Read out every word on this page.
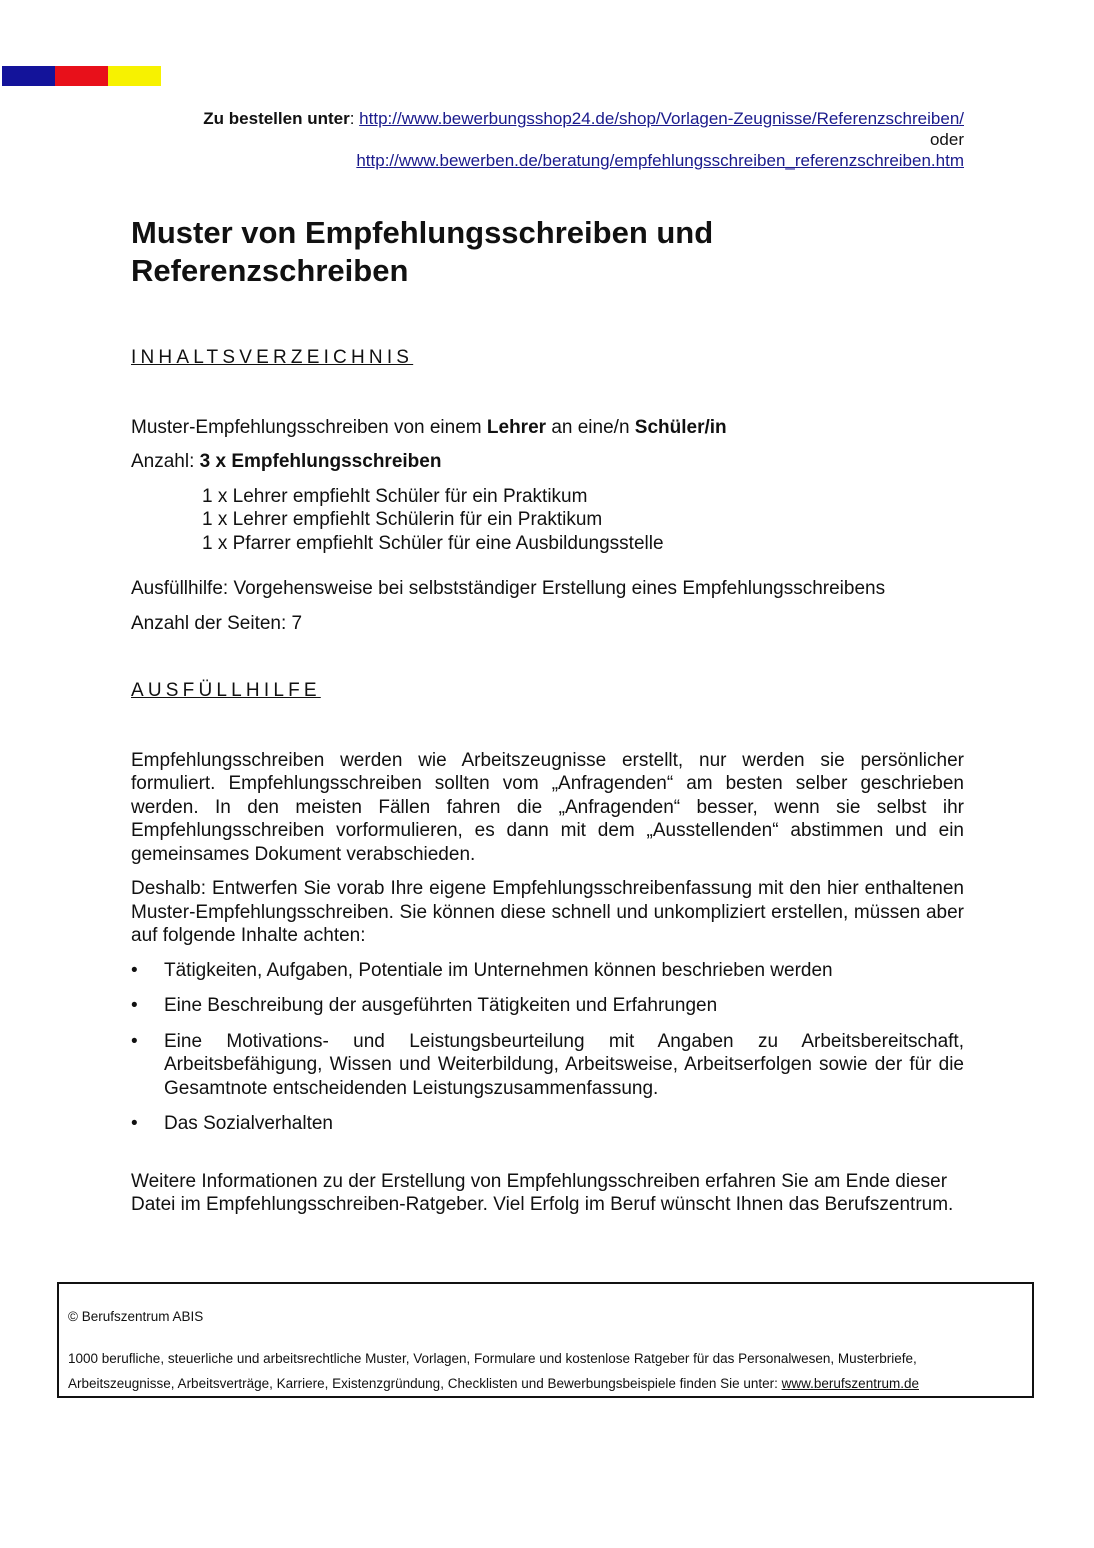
Zu bestellen unter: http://www.bewerbungsshop24.de/shop/Vorlagen-Zeugnisse/Referenzschreiben/
oder
http://www.bewerben.de/beratung/empfehlungsschreiben_referenzschreiben.htm
Muster von Empfehlungsschreiben und
Referenzschreiben

INHALTSVERZEICHNIS

Muster-Empfehlungsschreiben von einem Lehrer an eine/n Schüler/in

Anzahl: 3 x Empfehlungsschreiben

1 x Lehrer empfiehlt Schüler für ein Praktikum

1 x Lehrer empfiehlt Schülerin für ein Praktikum

1 x Pfarrer empfiehlt Schüler für eine Ausbildungsstelle

Ausfüllhilfe: Vorgehensweise bei selbstständiger Erstellung eines Empfehlungsschreibens

Anzahl der Seiten: 7

AUSFÜLLHILFE

Empfehlungsschreiben werden wie Arbeitszeugnisse erstellt, nur werden sie persönlicher formuliert. Empfehlungsschreiben sollten vom „Anfragenden“ am besten selber geschrieben werden. In den meisten Fällen fahren die „Anfragenden“ besser, wenn sie selbst ihr Empfehlungsschreiben vorformulieren, es dann mit dem „Ausstellenden“ abstimmen und ein gemeinsames Dokument verabschieden.

Deshalb: Entwerfen Sie vorab Ihre eigene Empfehlungsschreibenfassung mit den hier enthaltenen Muster-Empfehlungsschreiben. Sie können diese schnell und unkompliziert erstellen, müssen aber auf folgende Inhalte achten:

• Tätigkeiten, Aufgaben, Potentiale im Unternehmen können beschrieben werden
• Eine Beschreibung der ausgeführten Tätigkeiten und Erfahrungen
• Eine Motivations- und Leistungsbeurteilung mit Angaben zu Arbeitsbereitschaft, Arbeitsbefähigung, Wissen und Weiterbildung, Arbeitsweise, Arbeitserfolgen sowie der für die Gesamtnote entscheidenden Leistungszusammenfassung.
• Das Sozialverhalten

Weitere Informationen zu der Erstellung von Empfehlungsschreiben erfahren Sie am Ende dieser Datei im Empfehlungsschreiben-Ratgeber. Viel Erfolg im Beruf wünscht Ihnen das Berufszentrum.

© Berufszentrum ABIS
1000 berufliche, steuerliche und arbeitsrechtliche Muster, Vorlagen, Formulare und kostenlose Ratgeber für das Personalwesen, Musterbriefe, Arbeitszeugnisse, Arbeitsverträge, Karriere, Existenzgründung, Checklisten und Bewerbungsbeispiele finden Sie unter: www.berufszentrum.de
